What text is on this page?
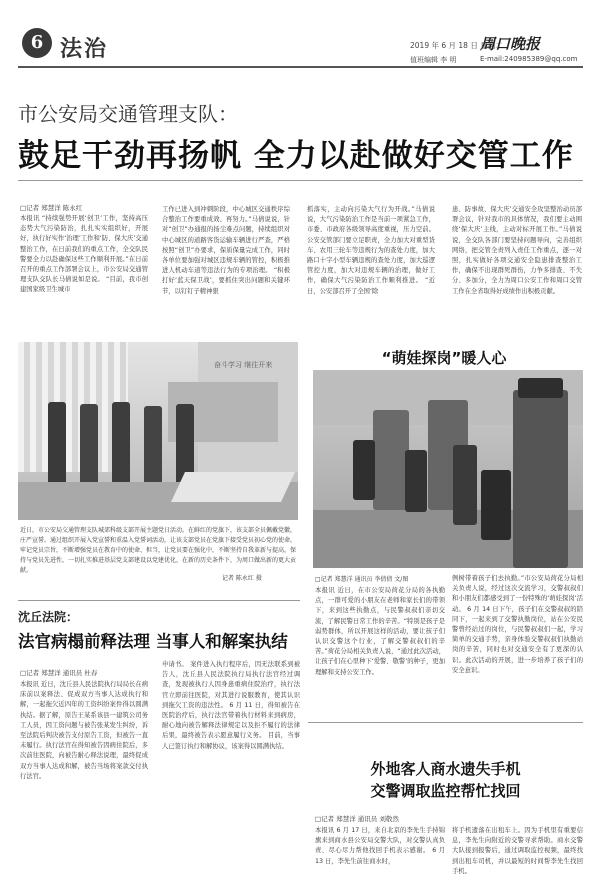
6 法治	2019 年 6 月 18 日 星期二
周口晚报
值班编辑 李 明	E-mail:240985389@qq.com
市公安局交通管理支队：
鼓足干劲再扬帆 全力以赴做好交管工作
□记者 郑慧洋 陈永红
本报讯 “持续强势开展‘创卫’工作，坚持高压态势大气污染防治，扎扎实实组织好，开展好，执行好实作‘治理’工作和‘防、保大庆’交通整治工作，在日前我们的重点工作，全交队民警要全力以赴确保这些工作顺利开展。”在日前召开的重点工作部署会议上，市公安局交通管理支队交队长马倩说如是说。 “目前，我市创建国家级卫生城市
工作已进入到冲刺阶段，中心城区交通秩序综合整治工作要重成效、再努力。”马倩说说，针对“创卫”办通报的扬尘难点问题，持续组织对中心城区的道路客货运输车辆进行严查，严格按照“创卫”办要求，保质保量完成工作，同时各单位要加强对城区违规车辆的管控，积极推进人机动车道等违法行为的专项治理。 “积极打好‘蓝天保卫战’，要抓住突出问题和关键环节，以钉钉子精神狠
抓落实，主动向污染大气行为开战。”马倩说说，大气污染防治工作是当前一项紧急工作，市委、市政府各级领导高度重视，压力空前。公安交管部门要立足职责，全力加大对重型货车、农用三轮车等违规行为的查处力度，加大路口十字小型车辆违规的查处力度，加大巡逻管控力度，加大对违规车辆的治理，做好工作，确保大气污染防治工作顺利推进。 “近日，公安部召开了全国‘除
患、防事故、保大庆’交通安全攻坚整治动员部署会议，针对我市的具体情况，我们要主动围绕‘保大庆’主线，主动对标开展工作。”马倩说说，全交队各部门要坚持问题导向，完善组织网络，把交管全责列入责任工作重点，逐一对照，扎实做好各项交通安全隐患排查整治工作，确保不出现群死群伤，力争多排查、不失分、多加分，全力为周口公安工作和周口交管工作在全省取得好成绩作出积极贡献。
奋斗学习 继往开来
近日，市公安局交通管理支队城郊科级支部开展主题党日活动。在鲜红的党旗下，该支部全员佩戴党徽，庄严宣誓。通过组织开展入党宣誓和重温入党誓词活动，让该支部党员在党旗下接受党员初心党的使命，牢记党员宗旨，不断增强党员在教育中的使命、担当，让党员要在强化中，不断坚持自我革新与提高，保持与党员先进性，一切扎实推进基层党支部建设以党建优化，在新的历史条件下，为周口做出新的更大贡献。
记者 陈永红 摄
“萌娃探岗”暖人心
□记者 郑慧洋 通讯员 李倩倩 文/图
本报讯 近日，在市公安局荷花分局的各执勤点，一群可爱的小朋友在老师和家长们的带领下，来到这些执勤点，与民警叔叔们亲切交流，了解民警日常工作的辛苦。“特别是孩子是弱势群体，所以开展这样的活动，要让孩子们认识交警这个行业，了解交警叔叔们的辛苦。”荷花分局相关负责人说，“通过此次活动，让孩子们在心里种下‘爱警、敬警’的种子，更加理解和支持公安工作。
例树带着孩子们去执勤。”市公安局荷花分局相关负责人说，经过这次交流学习，交警叔叔们和小朋友们都感受到了一份特殊的‘萌娃探岗’活动。 6 月 14 日下午，孩子们在交警叔叔的陪同下，一起来到了交警执勤岗位，站在公安民警曾经站过的岗位，与民警叔叔们一起，学习简单的交通手势，亲身体验交警叔叔们执勤站岗的辛苦，同时也对交通安全有了更深的认识。此次活动的开展，进一步培养了孩子们的安全意识。
沈丘法院：
法官病榻前释法理 当事人和解案执结
□记者 郑慧洋 通讯员 杜春
本报讯 近日，沈丘县人民法院执行局局长在病床前以案释法、促成双方当事人达成执行和解，一起拖欠近四年的工资纠纷案件得以圆满执结。据了解，原告王某系该县一建筑公司务工人员，因工资问题与被告张某发生纠纷，诉至法院后判决被告支付原告工资，但被告一直未履行。执行法官在得知被告因病住院后，多次前往医院，向被告耐心释法说理，最终促成双方当事人达成和解，被告当场将案款交付执行法官。
申请书。 案件进入执行程序后，因无法联系到被告人，沈丘县人民法院执行局执行法官经过调查，发现被执行人因身患重病住院治疗，执行法官立即前往医院，对其进行说服教育，使其认识到拖欠工资的违法性。 6 月 11 日，得知被告在医院治疗后，执行法官带着执行材料来到病房，耐心地向被告解释法律规定以及拒不履行的法律后果，最终被告表示愿意履行义务。 目前，当事人已签订执行和解协议，该案得以圆满执结。
外地客人商水遗失手机
交警调取监控帮忙找回
□记者 郑慧洋 通讯员 刘敬然
本报讯 6 月 17 日，来自北京的李先生手持锦旗来到商水县公安局交警大队，对交警认真负责、尽心尽力帮他找回手机表示感谢。 6 月 13 日，李先生前往商水时，
将手机遗落在出租车上。因为手机里有重要信息，李先生向附近的交警寻求帮助。商水交警大队接到报警后，通过调取监控视频，最终找到出租车司机，并以最短的时间帮李先生找回手机。
